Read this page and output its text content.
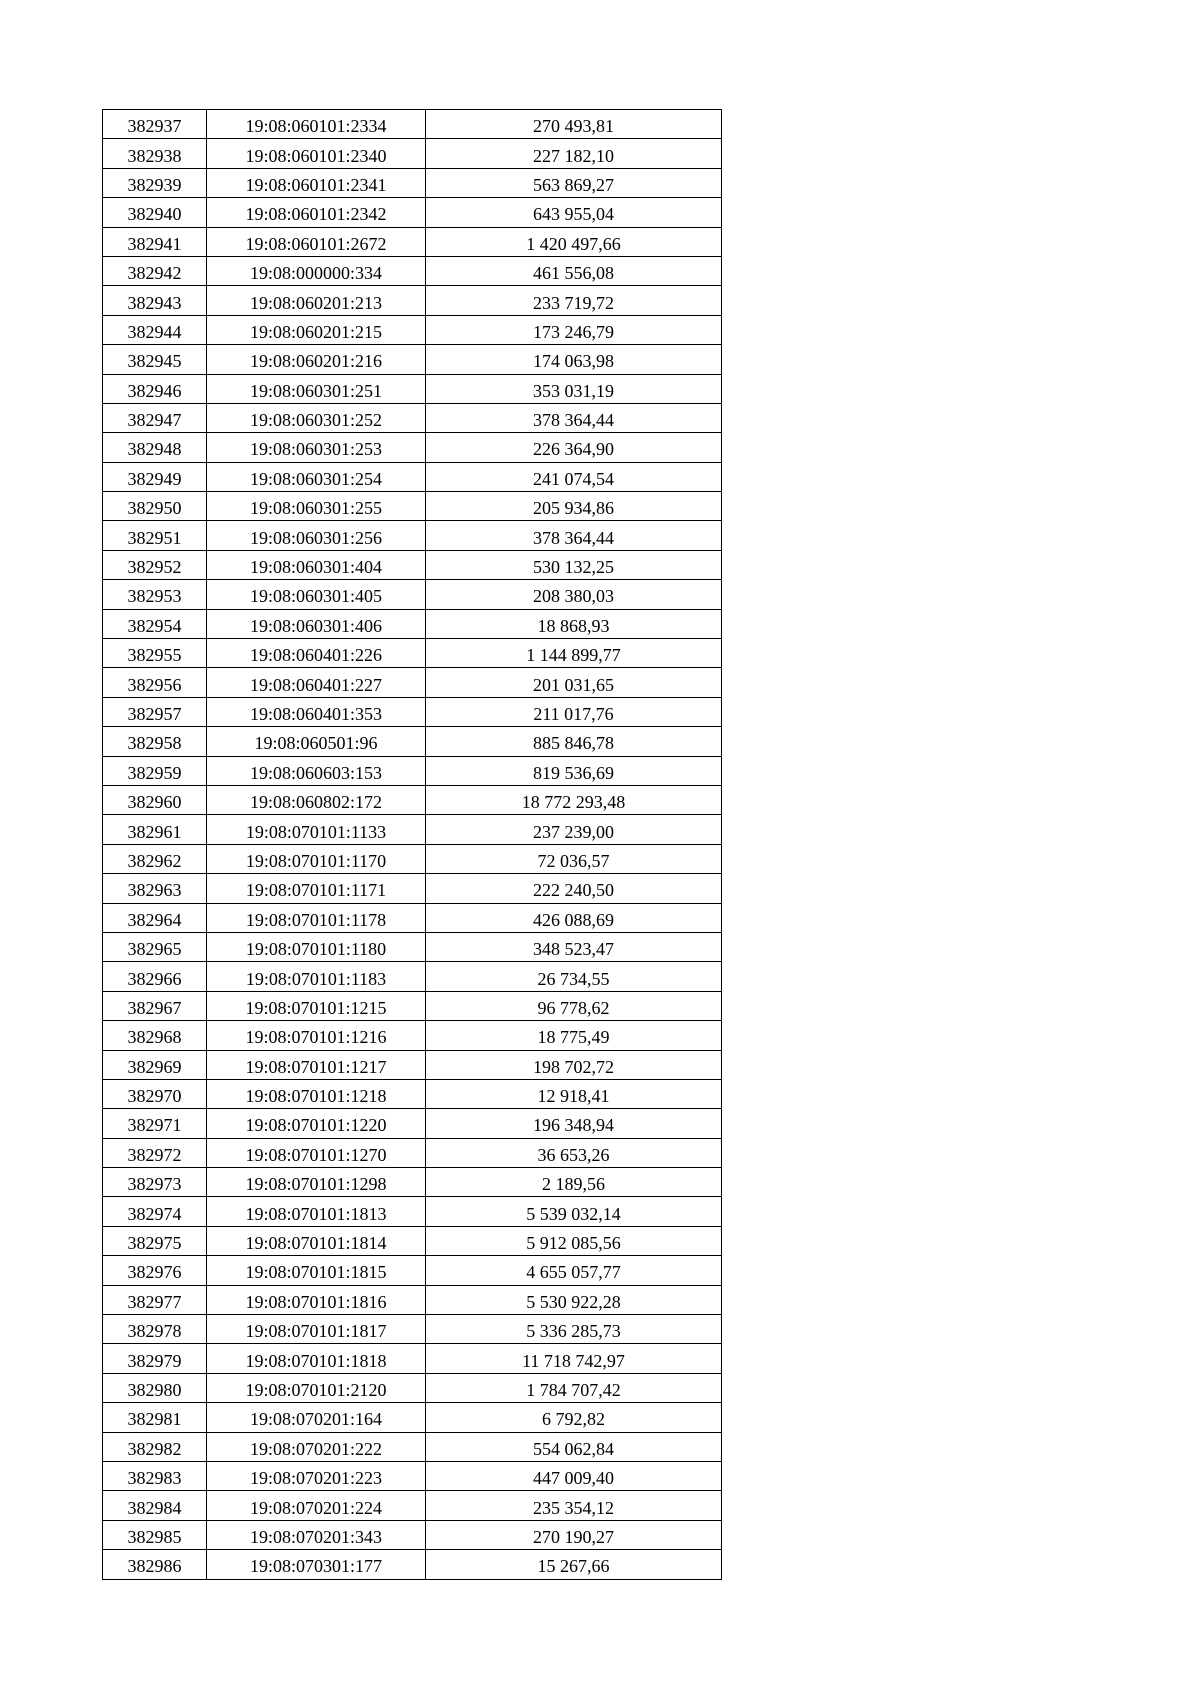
382937	19:08:060101:2334	270 493,81
382938	19:08:060101:2340	227 182,10
382939	19:08:060101:2341	563 869,27
382940	19:08:060101:2342	643 955,04
382941	19:08:060101:2672	1 420 497,66
382942	19:08:000000:334	461 556,08
382943	19:08:060201:213	233 719,72
382944	19:08:060201:215	173 246,79
382945	19:08:060201:216	174 063,98
382946	19:08:060301:251	353 031,19
382947	19:08:060301:252	378 364,44
382948	19:08:060301:253	226 364,90
382949	19:08:060301:254	241 074,54
382950	19:08:060301:255	205 934,86
382951	19:08:060301:256	378 364,44
382952	19:08:060301:404	530 132,25
382953	19:08:060301:405	208 380,03
382954	19:08:060301:406	18 868,93
382955	19:08:060401:226	1 144 899,77
382956	19:08:060401:227	201 031,65
382957	19:08:060401:353	211 017,76
382958	19:08:060501:96	885 846,78
382959	19:08:060603:153	819 536,69
382960	19:08:060802:172	18 772 293,48
382961	19:08:070101:1133	237 239,00
382962	19:08:070101:1170	72 036,57
382963	19:08:070101:1171	222 240,50
382964	19:08:070101:1178	426 088,69
382965	19:08:070101:1180	348 523,47
382966	19:08:070101:1183	26 734,55
382967	19:08:070101:1215	96 778,62
382968	19:08:070101:1216	18 775,49
382969	19:08:070101:1217	198 702,72
382970	19:08:070101:1218	12 918,41
382971	19:08:070101:1220	196 348,94
382972	19:08:070101:1270	36 653,26
382973	19:08:070101:1298	2 189,56
382974	19:08:070101:1813	5 539 032,14
382975	19:08:070101:1814	5 912 085,56
382976	19:08:070101:1815	4 655 057,77
382977	19:08:070101:1816	5 530 922,28
382978	19:08:070101:1817	5 336 285,73
382979	19:08:070101:1818	11 718 742,97
382980	19:08:070101:2120	1 784 707,42
382981	19:08:070201:164	6 792,82
382982	19:08:070201:222	554 062,84
382983	19:08:070201:223	447 009,40
382984	19:08:070201:224	235 354,12
382985	19:08:070201:343	270 190,27
382986	19:08:070301:177	15 267,66
